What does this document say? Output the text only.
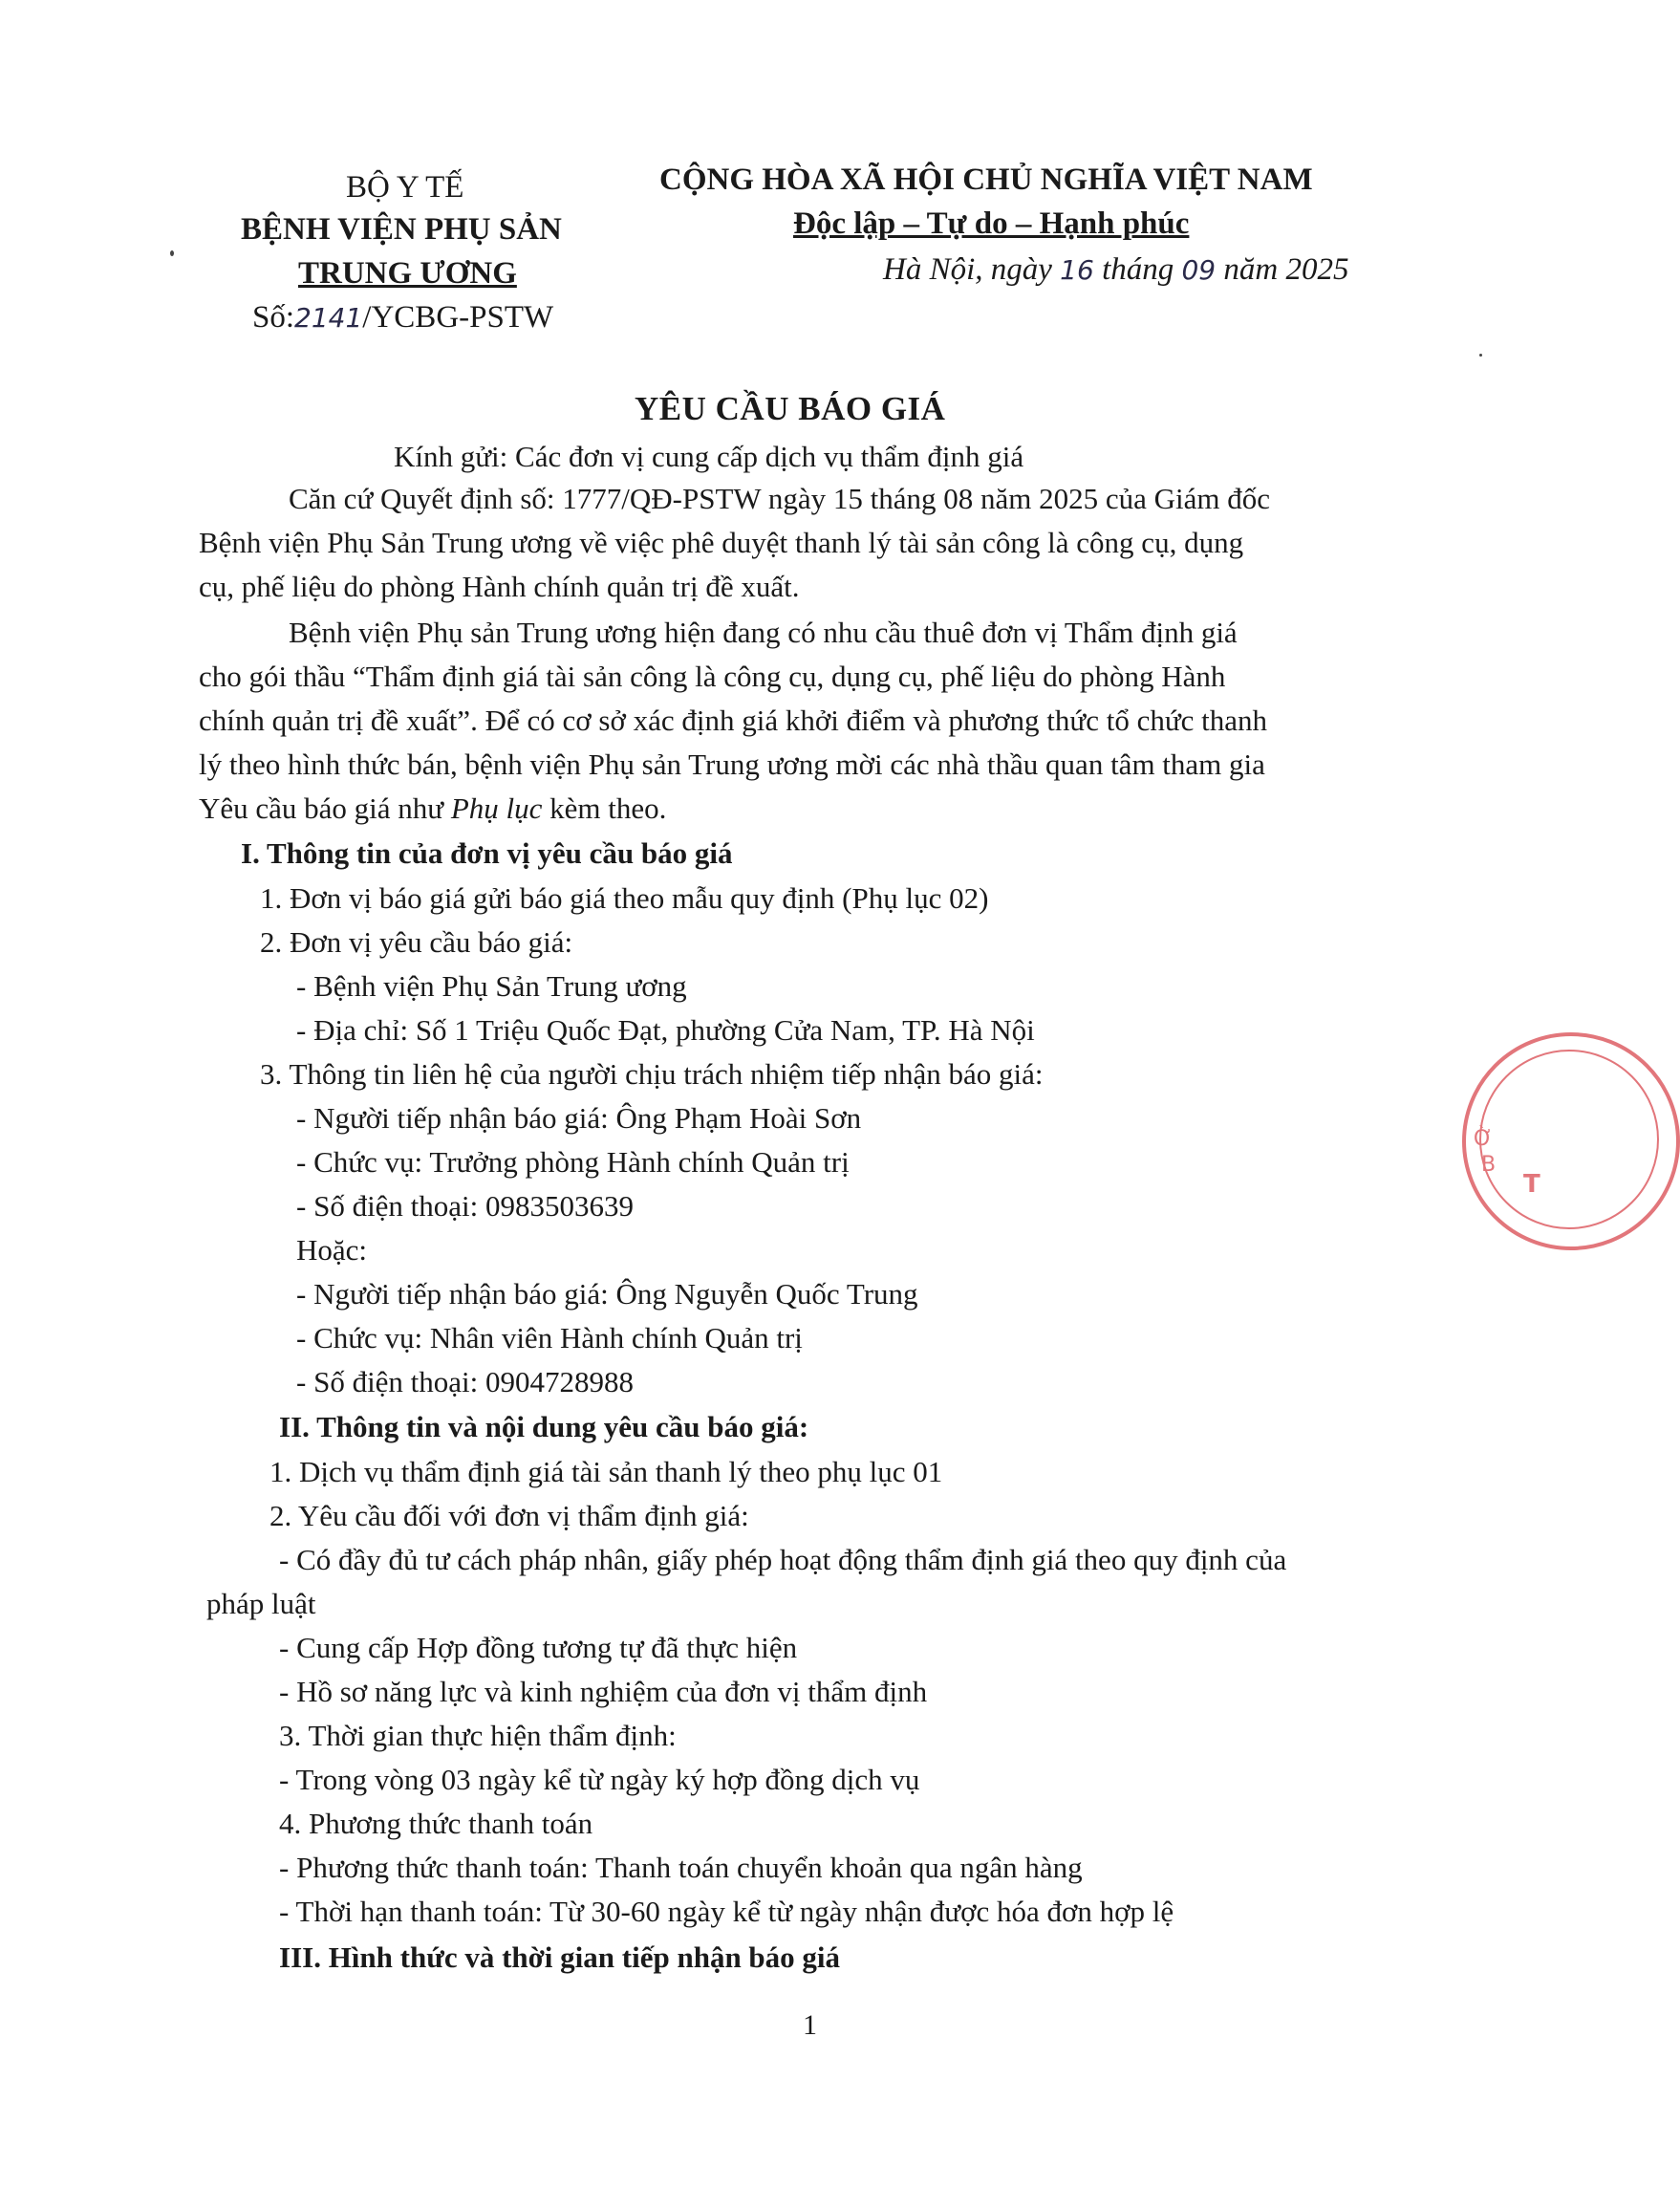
BỘ Y TẾ
BỆNH VIỆN PHỤ SẢN
TRUNG ƯƠNG
Số:2141/YCBG-PSTW
CỘNG HÒA XÃ HỘI CHỦ NGHĨA VIỆT NAM
Độc lập – Tự do – Hạnh phúc
Hà Nội, ngày 16 tháng 09 năm 2025
YÊU CẦU BÁO GIÁ
Kính gửi: Các đơn vị cung cấp dịch vụ thẩm định giá
Căn cứ Quyết định số: 1777/QĐ-PSTW ngày 15 tháng 08 năm 2025 của Giám đốc
Bệnh viện Phụ Sản Trung ương về việc phê duyệt thanh lý tài sản công là công cụ, dụng
cụ, phế liệu do phòng Hành chính quản trị đề xuất.
Bệnh viện Phụ sản Trung ương hiện đang có nhu cầu thuê đơn vị Thẩm định giá
cho gói thầu “Thẩm định giá tài sản công là công cụ, dụng cụ, phế liệu do phòng Hành
chính quản trị đề xuất”. Để có cơ sở xác định giá khởi điểm và phương thức tổ chức thanh
lý theo hình thức bán, bệnh viện Phụ sản Trung ương mời các nhà thầu quan tâm tham gia
Yêu cầu báo giá như Phụ lục kèm theo.
I. Thông tin của đơn vị yêu cầu báo giá
1. Đơn vị báo giá gửi báo giá theo mẫu quy định (Phụ lục 02)
2. Đơn vị yêu cầu báo giá:
- Bệnh viện Phụ Sản Trung ương
- Địa chỉ: Số 1 Triệu Quốc Đạt, phường Cửa Nam, TP. Hà Nội
3. Thông tin liên hệ của người chịu trách nhiệm tiếp nhận báo giá:
- Người tiếp nhận báo giá: Ông Phạm Hoài Sơn
- Chức vụ: Trưởng phòng Hành chính Quản trị
- Số điện thoại: 0983503639
Hoặc:
- Người tiếp nhận báo giá: Ông Nguyễn Quốc Trung
- Chức vụ: Nhân viên Hành chính Quản trị
- Số điện thoại: 0904728988
II. Thông tin và nội dung yêu cầu báo giá:
1. Dịch vụ thẩm định giá tài sản thanh lý theo phụ lục 01
2. Yêu cầu đối với đơn vị thẩm định giá:
- Có đầy đủ tư cách pháp nhân, giấy phép hoạt động thẩm định giá theo quy định của
pháp luật
- Cung cấp Hợp đồng tương tự đã thực hiện
- Hồ sơ năng lực và kinh nghiệm của đơn vị thẩm định
3. Thời gian thực hiện thẩm định:
- Trong vòng 03 ngày kể từ ngày ký hợp đồng dịch vụ
4. Phương thức thanh toán
- Phương thức thanh toán: Thanh toán chuyển khoản qua ngân hàng
- Thời hạn thanh toán: Từ 30-60 ngày kể từ ngày nhận được hóa đơn hợp lệ
III. Hình thức và thời gian tiếp nhận báo giá
1
Ờ
B
T
